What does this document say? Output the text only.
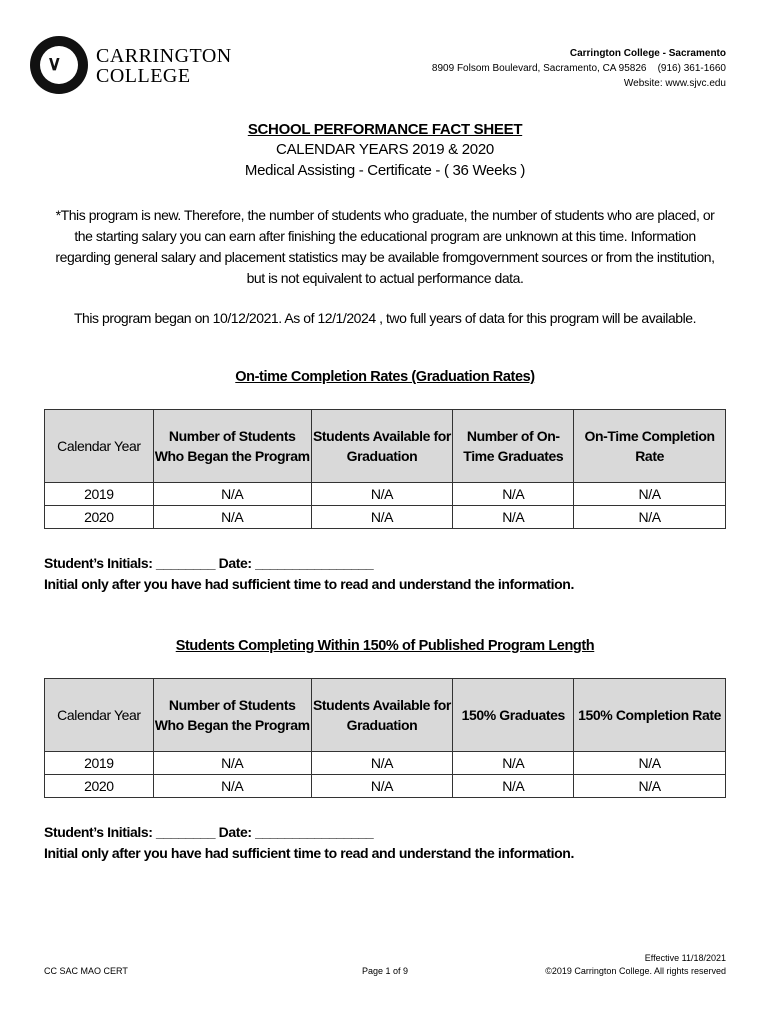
∨ CARRINGTON
COLLEGE
Carrington College - Sacramento
8909 Folsom Boulevard, Sacramento, CA 95826    (916) 361-1660
Website: www.sjvc.edu
SCHOOL PERFORMANCE FACT SHEET
CALENDAR YEARS 2019 & 2020
Medical Assisting - Certificate - ( 36 Weeks )
*This program is new. Therefore, the number of students who graduate, the number of students who are placed, or the starting salary you can earn after finishing the educational program are unknown at this time. Information regarding general salary and placement statistics may be available fromgovernment sources or from the institution, but is not equivalent to actual performance data.
This program began on 10/12/2021. As of 12/1/2024 , two full years of data for this program will be available.
On-time Completion Rates (Graduation Rates)
Calendar Year	Number of Students Who Began the Program	Students Available for Graduation	Number of On-Time Graduates	On-Time Completion Rate
2019	N/A	N/A	N/A	N/A
2020	N/A	N/A	N/A	N/A
Student’s Initials: ________ Date: ________________
Initial only after you have had sufficient time to read and understand the information.
Students Completing Within 150% of Published Program Length
Calendar Year	Number of Students Who Began the Program	Students Available for Graduation	150% Graduates	150% Completion Rate
2019	N/A	N/A	N/A	N/A
2020	N/A	N/A	N/A	N/A
Student’s Initials: ________ Date: ________________
Initial only after you have had sufficient time to read and understand the information.
CC SAC MAO CERT	Page 1 of 9
Effective 11/18/2021
©2019 Carrington College. All rights reserved
